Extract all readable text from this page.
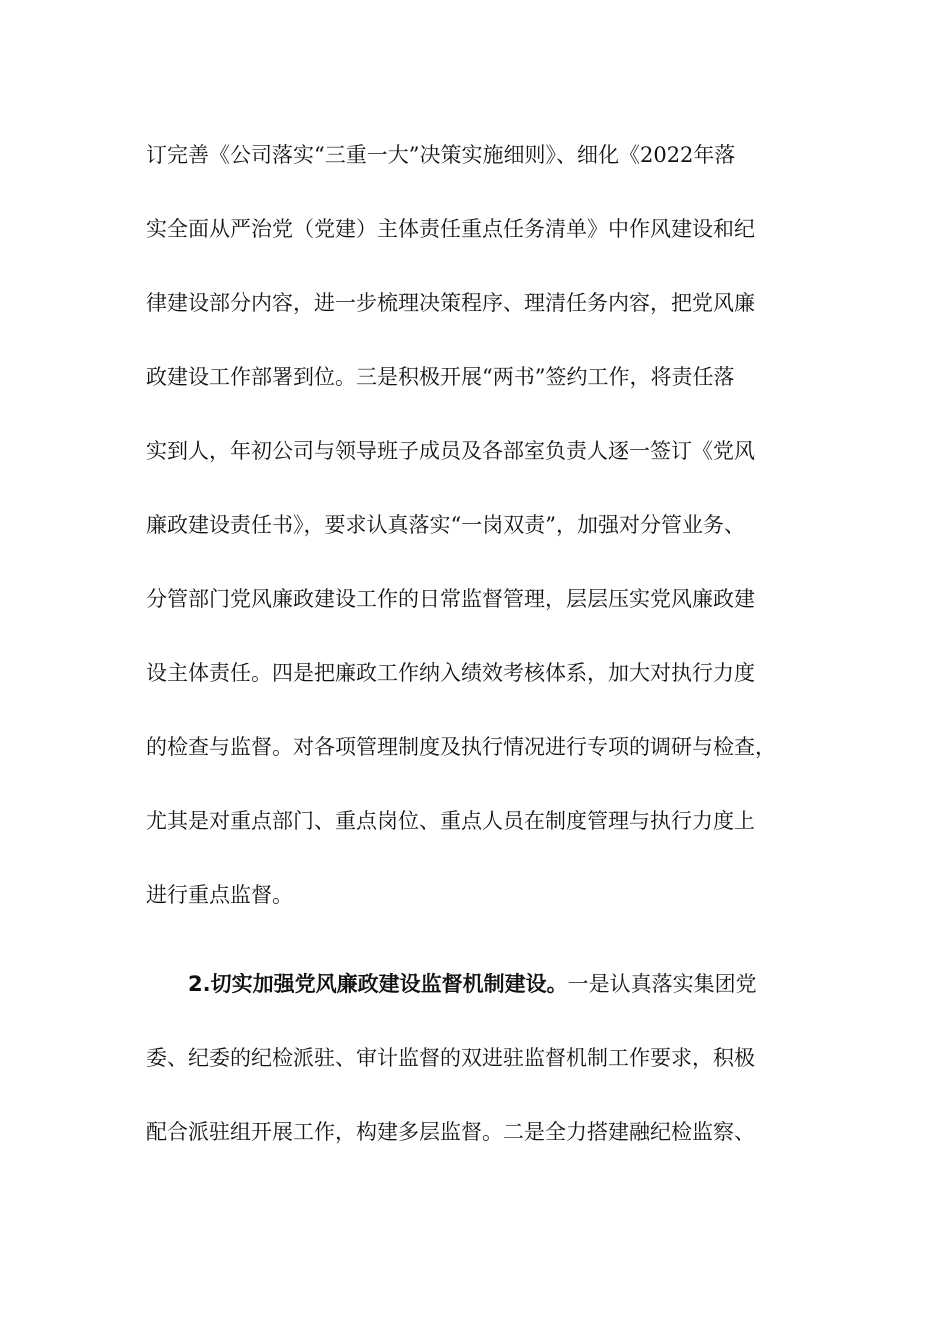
订完善《公司落实“三重一大”决策实施细则》、细化《2022年落
实全面从严治党（党建）主体责任重点任务清单》中作风建设和纪
律建设部分内容，进一步梳理决策程序、理清任务内容，把党风廉
政建设工作部署到位。三是积极开展“两书”签约工作，将责任落
实到人，年初公司与领导班子成员及各部室负责人逐一签订《党风
廉政建设责任书》，要求认真落实“一岗双责”，加强对分管业务、
分管部门党风廉政建设工作的日常监督管理，层层压实党风廉政建
设主体责任。四是把廉政工作纳入绩效考核体系，加大对执行力度
的检查与监督。对各项管理制度及执行情况进行专项的调研与检查，
尤其是对重点部门、重点岗位、重点人员在制度管理与执行力度上
进行重点监督。
2.切实加强党风廉政建设监督机制建设。一是认真落实集团党
委、纪委的纪检派驻、审计监督的双进驻监督机制工作要求，积极
配合派驻组开展工作，构建多层监督。二是全力搭建融纪检监察、
